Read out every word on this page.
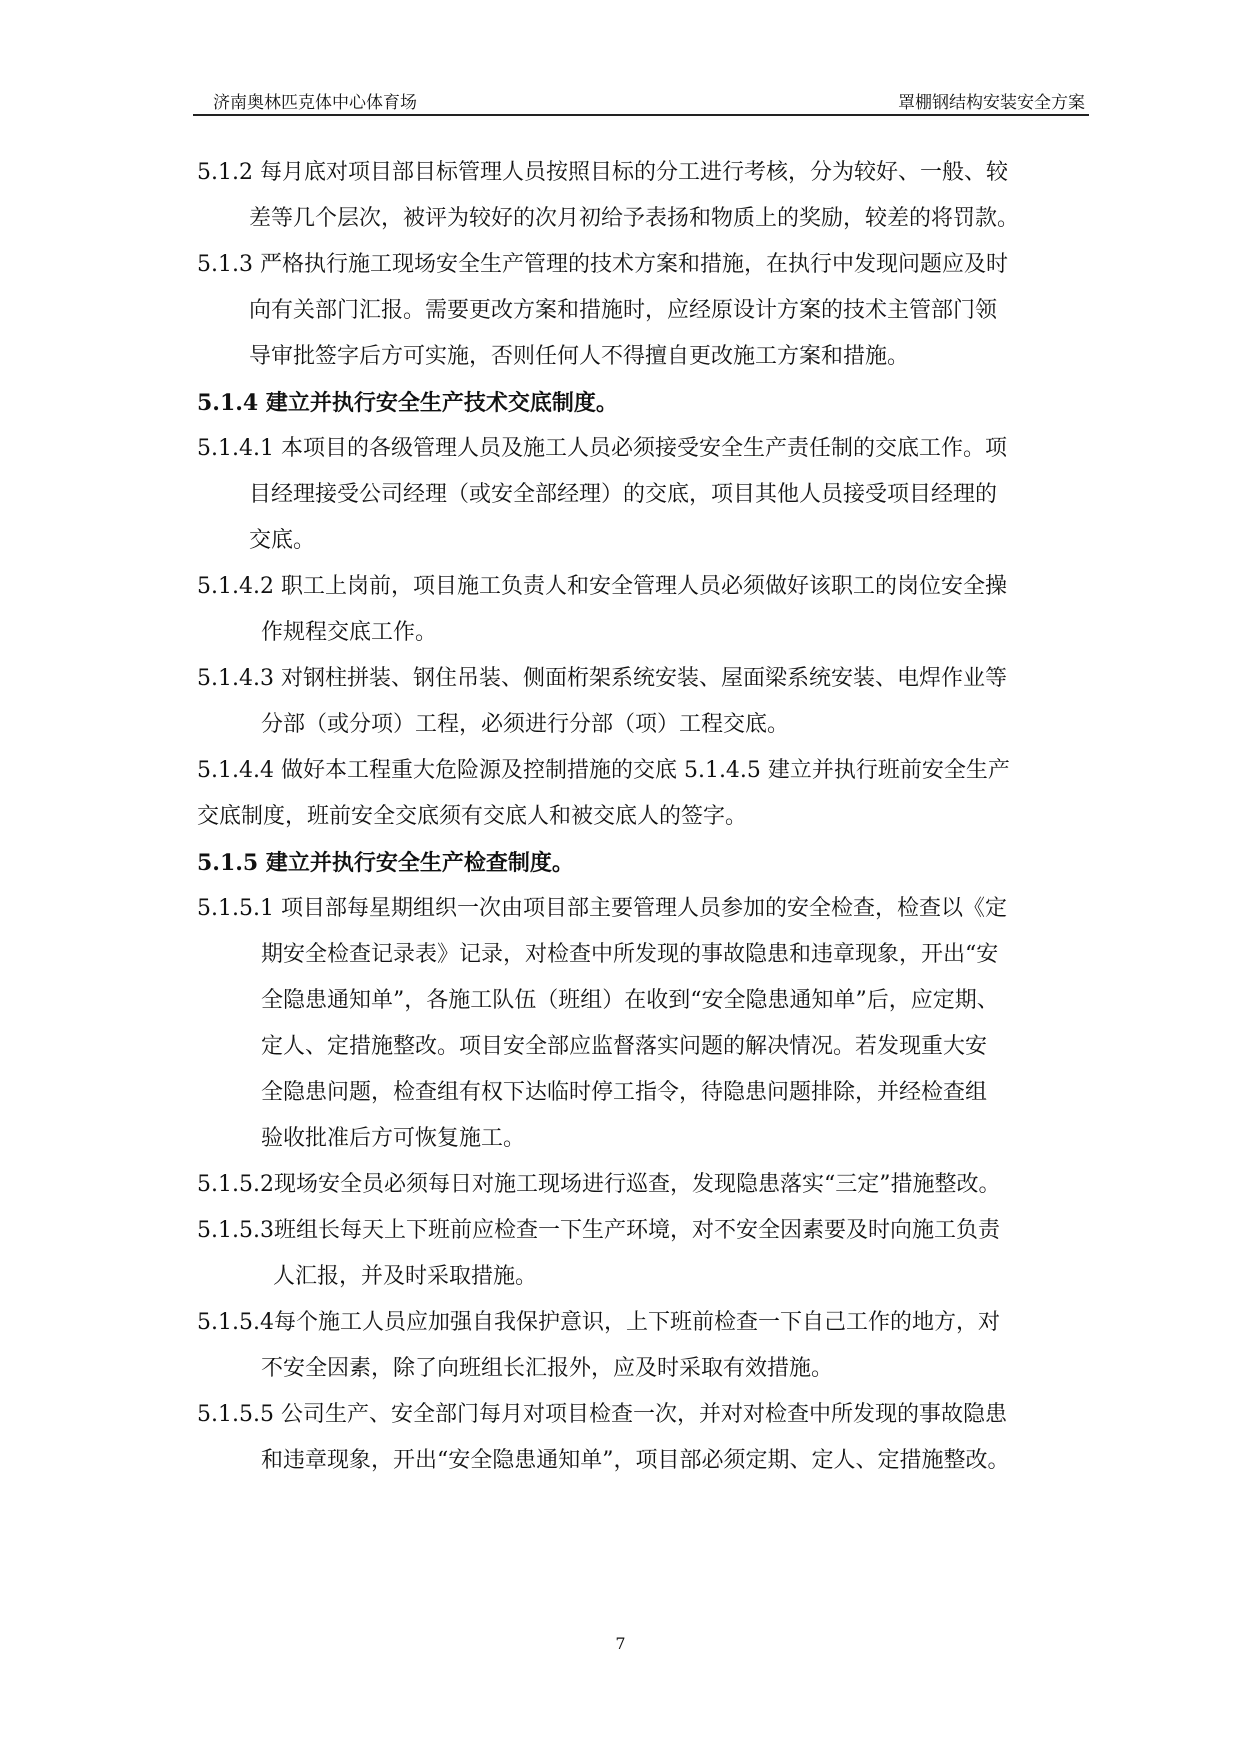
济南奥林匹克体中心体育场	罩棚钢结构安装安全方案

5.1.2 每月底对项目部目标管理人员按照目标的分工进行考核，分为较好、一般、较
差等几个层次，被评为较好的次月初给予表扬和物质上的奖励，较差的将罚款。

5.1.3 严格执行施工现场安全生产管理的技术方案和措施，在执行中发现问题应及时
向有关部门汇报。需要更改方案和措施时，应经原设计方案的技术主管部门领
导审批签字后方可实施，否则任何人不得擅自更改施工方案和措施。

5.1.4 建立并执行安全生产技术交底制度。

5.1.4.1 本项目的各级管理人员及施工人员必须接受安全生产责任制的交底工作。项
目经理接受公司经理（或安全部经理）的交底，项目其他人员接受项目经理的
交底。

5.1.4.2 职工上岗前，项目施工负责人和安全管理人员必须做好该职工的岗位安全操
作规程交底工作。

5.1.4.3 对钢柱拼装、钢住吊装、侧面桁架系统安装、屋面梁系统安装、电焊作业等
分部（或分项）工程，必须进行分部（项）工程交底。

5.1.4.4 做好本工程重大危险源及控制措施的交底 5.1.4.5 建立并执行班前安全生产
交底制度，班前安全交底须有交底人和被交底人的签字。

5.1.5 建立并执行安全生产检查制度。

5.1.5.1 项目部每星期组织一次由项目部主要管理人员参加的安全检查，检查以《定
期安全检查记录表》记录，对检查中所发现的事故隐患和违章现象，开出“安
全隐患通知单”，各施工队伍（班组）在收到“安全隐患通知单”后，应定期、
定人、定措施整改。项目安全部应监督落实问题的解决情况。若发现重大安
全隐患问题，检查组有权下达临时停工指令，待隐患问题排除，并经检查组
验收批准后方可恢复施工。

5.1.5.2现场安全员必须每日对施工现场进行巡查，发现隐患落实“三定”措施整改。

5.1.5.3班组长每天上下班前应检查一下生产环境，对不安全因素要及时向施工负责
人汇报，并及时采取措施。

5.1.5.4每个施工人员应加强自我保护意识，上下班前检查一下自己工作的地方，对
不安全因素，除了向班组长汇报外，应及时采取有效措施。

5.1.5.5 公司生产、安全部门每月对项目检查一次，并对对检查中所发现的事故隐患
和违章现象，开出“安全隐患通知单”，项目部必须定期、定人、定措施整改。

7
